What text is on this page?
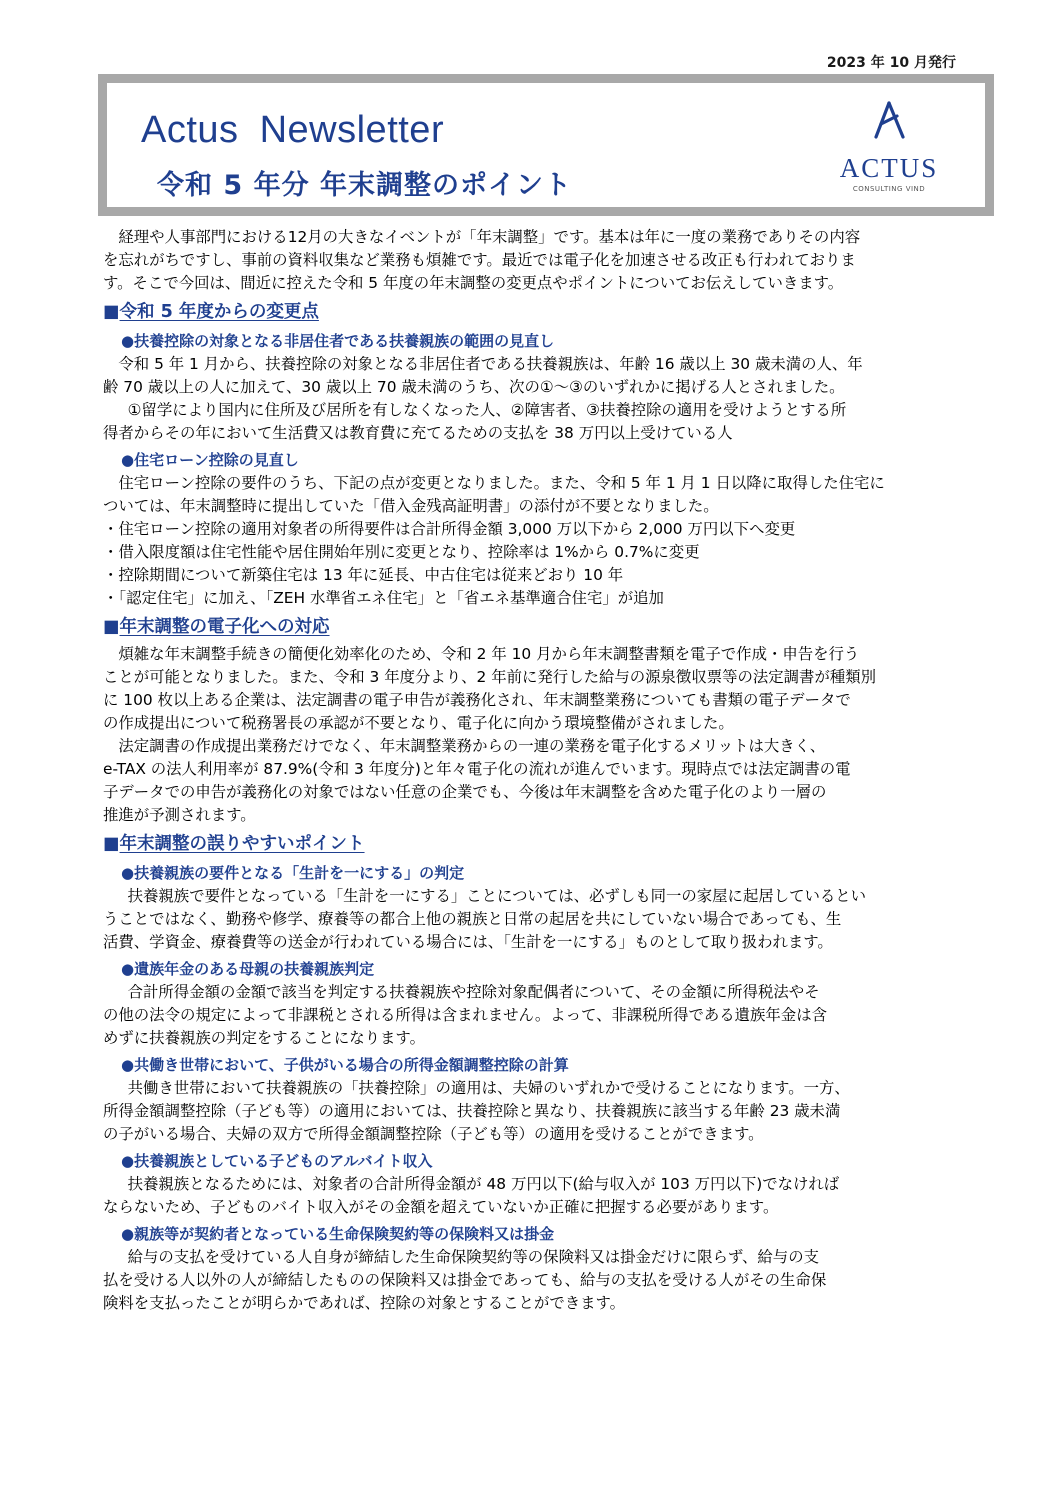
2023 年 10 月発行
Actus Newsletter
令和 5 年分 年末調整のポイント
ACTUS
CONSULTING VIND

経理や人事部門における12月の大きなイベントが「年末調整」です。基本は年に一度の業務でありその内容

を忘れがちですし、事前の資料収集など業務も煩雑です。最近では電子化を加速させる改正も行われておりま

す。そこで今回は、間近に控えた令和 5 年度の年末調整の変更点やポイントについてお伝えしていきます。

■令和 5 年度からの変更点
●扶養控除の対象となる非居住者である扶養親族の範囲の見直し

令和 5 年 1 月から、扶養控除の対象となる非居住者である扶養親族は、年齢 16 歳以上 30 歳未満の人、年

齢 70 歳以上の人に加えて、30 歳以上 70 歳未満のうち、次の①～③のいずれかに掲げる人とされました。

①留学により国内に住所及び居所を有しなくなった人、②障害者、③扶養控除の適用を受けようとする所

得者からその年において生活費又は教育費に充てるための支払を 38 万円以上受けている人

●住宅ローン控除の見直し

住宅ローン控除の要件のうち、下記の点が変更となりました。また、令和 5 年 1 月 1 日以降に取得した住宅に

ついては、年末調整時に提出していた「借入金残高証明書」の添付が不要となりました。

・住宅ローン控除の適用対象者の所得要件は合計所得金額 3,000 万以下から 2,000 万円以下へ変更

・借入限度額は住宅性能や居住開始年別に変更となり、控除率は 1%から 0.7%に変更

・控除期間について新築住宅は 13 年に延長、中古住宅は従来どおり 10 年

・「認定住宅」に加え、「ZEH 水準省エネ住宅」と「省エネ基準適合住宅」が追加

■年末調整の電子化への対応

煩雑な年末調整手続きの簡便化効率化のため、令和 2 年 10 月から年末調整書類を電子で作成・申告を行う

ことが可能となりました。また、令和 3 年度分より、2 年前に発行した給与の源泉徴収票等の法定調書が種類別

に 100 枚以上ある企業は、法定調書の電子申告が義務化され、年末調整業務についても書類の電子データで

の作成提出について税務署長の承認が不要となり、電子化に向かう環境整備がされました。

法定調書の作成提出業務だけでなく、年末調整業務からの一連の業務を電子化するメリットは大きく、

e-TAX の法人利用率が 87.9%(令和 3 年度分)と年々電子化の流れが進んでいます。現時点では法定調書の電

子データでの申告が義務化の対象ではない任意の企業でも、今後は年末調整を含めた電子化のより一層の

推進が予測されます。

■年末調整の誤りやすいポイント
●扶養親族の要件となる「生計を一にする」の判定

扶養親族で要件となっている「生計を一にする」ことについては、必ずしも同一の家屋に起居しているとい

うことではなく、勤務や修学、療養等の都合上他の親族と日常の起居を共にしていない場合であっても、生

活費、学資金、療養費等の送金が行われている場合には、「生計を一にする」ものとして取り扱われます。

●遺族年金のある母親の扶養親族判定

合計所得金額の金額で該当を判定する扶養親族や控除対象配偶者について、その金額に所得税法やそ

の他の法令の規定によって非課税とされる所得は含まれません。よって、非課税所得である遺族年金は含

めずに扶養親族の判定をすることになります。

●共働き世帯において、子供がいる場合の所得金額調整控除の計算

共働き世帯において扶養親族の「扶養控除」の適用は、夫婦のいずれかで受けることになります。一方、

所得金額調整控除（子ども等）の適用においては、扶養控除と異なり、扶養親族に該当する年齢 23 歳未満

の子がいる場合、夫婦の双方で所得金額調整控除（子ども等）の適用を受けることができます。

●扶養親族としている子どものアルバイト収入

扶養親族となるためには、対象者の合計所得金額が 48 万円以下(給与収入が 103 万円以下)でなければ

ならないため、子どものバイト収入がその金額を超えていないか正確に把握する必要があります。

●親族等が契約者となっている生命保険契約等の保険料又は掛金

給与の支払を受けている人自身が締結した生命保険契約等の保険料又は掛金だけに限らず、給与の支

払を受ける人以外の人が締結したものの保険料又は掛金であっても、給与の支払を受ける人がその生命保

険料を支払ったことが明らかであれば、控除の対象とすることができます。
